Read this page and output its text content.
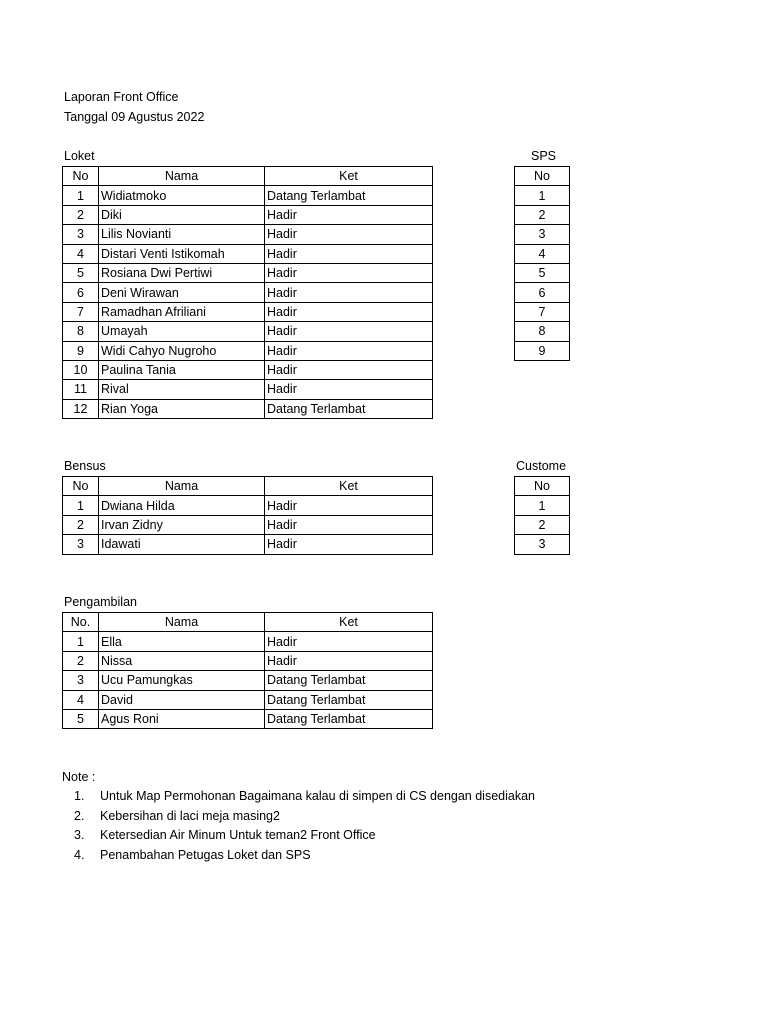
Laporan Front Office
Tanggal 09 Agustus 2022
Loket
No	Nama	Ket
1	Widiatmoko	Datang Terlambat
2	Diki	Hadir
3	Lilis Novianti	Hadir
4	Distari Venti Istikomah	Hadir
5	Rosiana Dwi Pertiwi	Hadir
6	Deni Wirawan	Hadir
7	Ramadhan Afriliani	Hadir
8	Umayah	Hadir
9	Widi Cahyo Nugroho	Hadir
10	Paulina Tania	Hadir
11	Rival	Hadir
12	Rian Yoga	Datang Terlambat
SPS
No
1
2
3
4
5
6
7
8
9
Bensus
No	Nama	Ket
1	Dwiana Hilda	Hadir
2	Irvan Zidny	Hadir
3	Idawati	Hadir
Custome
No
1
2
3
Pengambilan
No.	Nama	Ket
1	Ella	Hadir
2	Nissa	Hadir
3	Ucu Pamungkas	Datang Terlambat
4	David	Datang Terlambat
5	Agus Roni	Datang Terlambat
Note :
1. Untuk Map Permohonan Bagaimana kalau di simpen di CS dengan disediakan
2. Kebersihan di laci meja masing2
3. Ketersedian Air Minum Untuk teman2 Front Office
4. Penambahan Petugas Loket dan SPS
